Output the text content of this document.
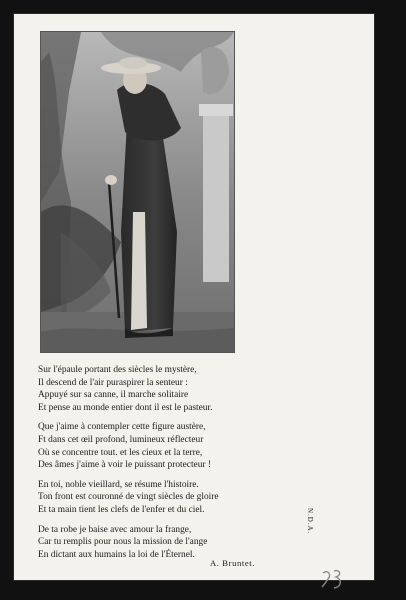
Sur l'épaule portant des siècles le mystère,
Il descend de l'air puraspirer la senteur :
Appuyé sur sa canne, il marche solitaire
Et pense au monde entier dont il est le pasteur.
Que j'aime à contempler cette figure austère,
Ft dans cet œil profond, lumineux réflecteur
Où se concentre tout. et les cieux et la terre,
Des âmes j'aime à voir le puissant protecteur !
En toi, noble vieillard, se résume l'histoire.
Ton front est couronné de vingt siècles de gloire
Et ta main tient les clefs de l'enfer et du ciel.
De ta robe je baise avec amour la frange,
Car tu remplis pour nous la mission de l'ange
En dictant aux humains la loi de l'Éternel.
N.D.A.
A. Bruntet.
